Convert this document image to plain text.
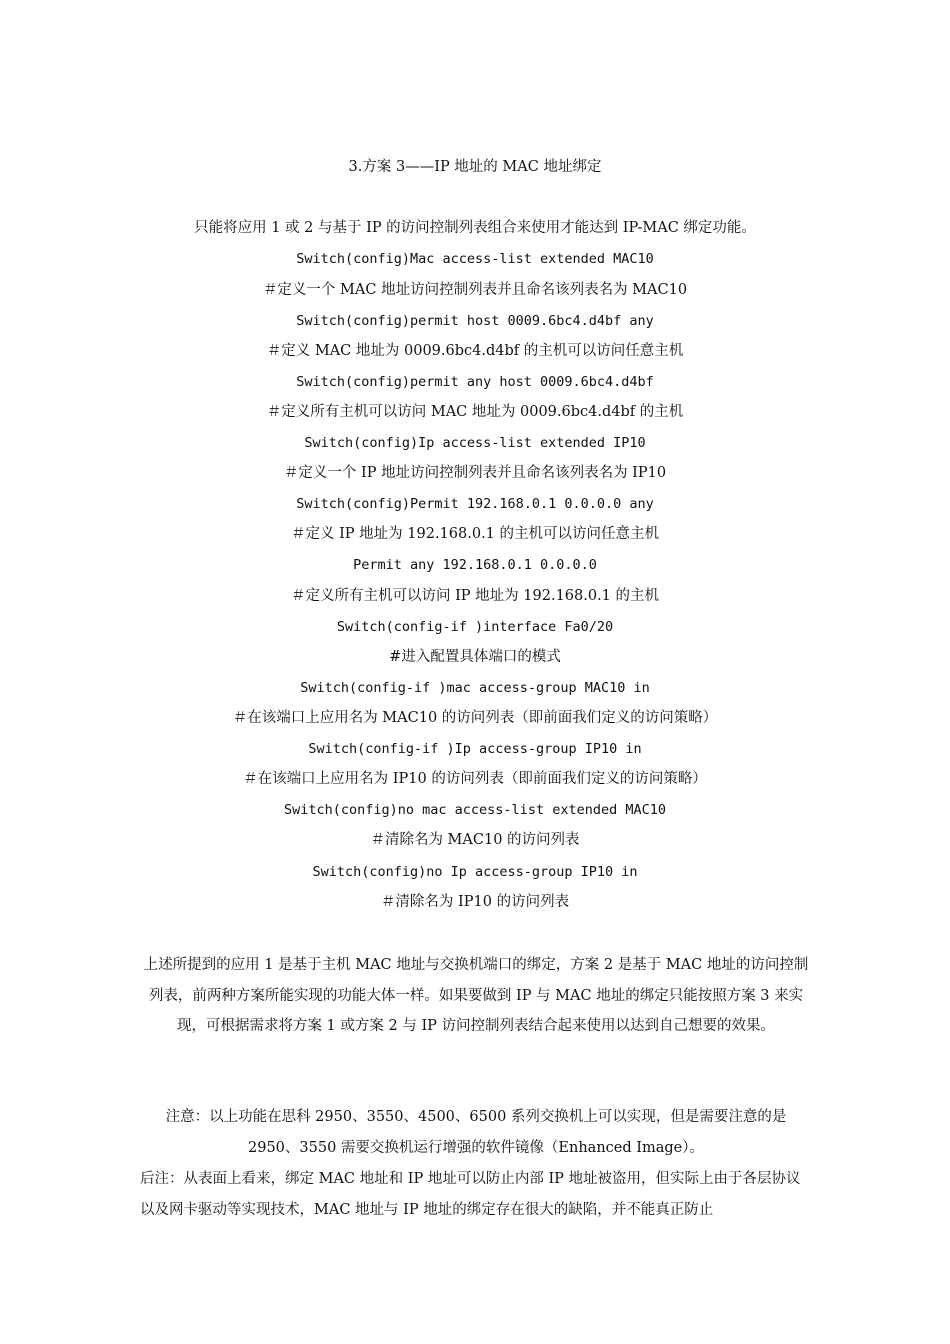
3.方案 3——IP 地址的 MAC 地址绑定
只能将应用 1 或 2 与基于 IP 的访问控制列表组合来使用才能达到 IP-MAC 绑定功能。
Switch(config)Mac access-list extended MAC10
＃定义一个 MAC 地址访问控制列表并且命名该列表名为 MAC10
Switch(config)permit host 0009.6bc4.d4bf any
＃定义 MAC 地址为 0009.6bc4.d4bf 的主机可以访问任意主机
Switch(config)permit any host 0009.6bc4.d4bf
＃定义所有主机可以访问 MAC 地址为 0009.6bc4.d4bf 的主机
Switch(config)Ip access-list extended IP10
＃定义一个 IP 地址访问控制列表并且命名该列表名为 IP10
Switch(config)Permit 192.168.0.1 0.0.0.0 any
＃定义 IP 地址为 192.168.0.1 的主机可以访问任意主机
Permit any 192.168.0.1 0.0.0.0
＃定义所有主机可以访问 IP 地址为 192.168.0.1 的主机
Switch(config-if )interface Fa0/20
#进入配置具体端口的模式
Switch(config-if )mac access-group MAC10 in
＃在该端口上应用名为 MAC10 的访问列表（即前面我们定义的访问策略）
Switch(config-if )Ip access-group IP10 in
＃在该端口上应用名为 IP10 的访问列表（即前面我们定义的访问策略）
Switch(config)no mac access-list extended MAC10
＃清除名为 MAC10 的访问列表
Switch(config)no Ip access-group IP10 in
＃清除名为 IP10 的访问列表
上述所提到的应用 1 是基于主机 MAC 地址与交换机端口的绑定，方案 2 是基于 MAC 地址的访问控制列表，前两种方案所能实现的功能大体一样。如果要做到 IP 与 MAC 地址的绑定只能按照方案 3 来实现，可根据需求将方案 1 或方案 2 与 IP 访问控制列表结合起来使用以达到自己想要的效果。
注意：以上功能在思科 2950、3550、4500、6500 系列交换机上可以实现，但是需要注意的是 2950、3550 需要交换机运行增强的软件镜像（Enhanced Image）。
后注：从表面上看来，绑定 MAC 地址和 IP 地址可以防止内部 IP 地址被盗用，但实际上由于各层协议以及网卡驱动等实现技术，MAC 地址与 IP 地址的绑定存在很大的缺陷，并不能真正防止
